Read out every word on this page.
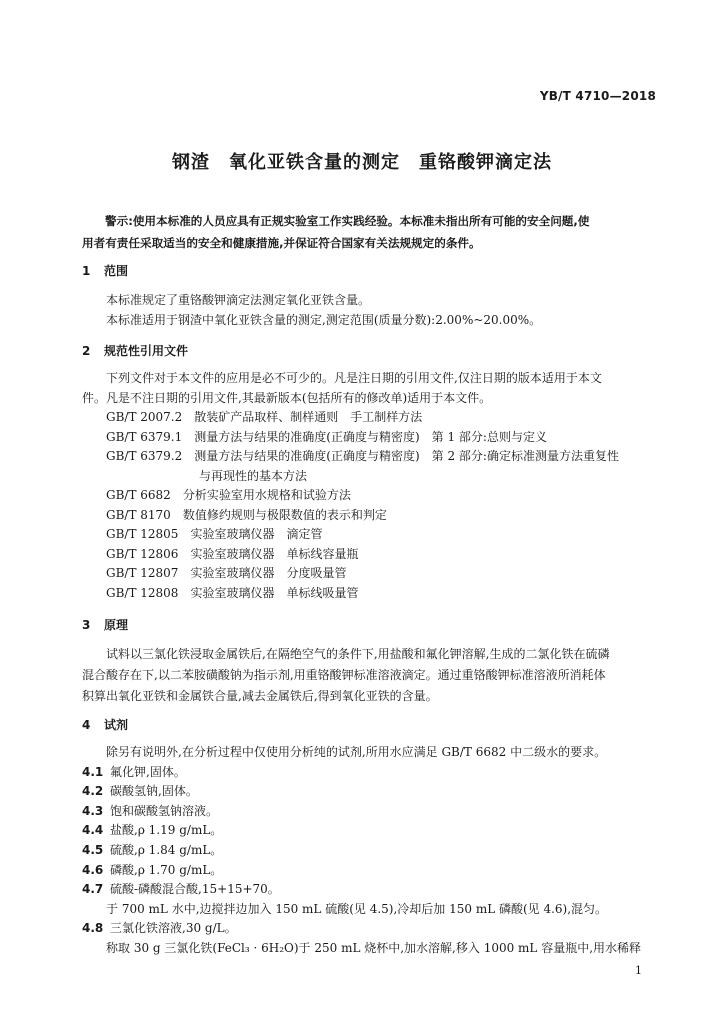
YB/T 4710—2018
钢渣　氧化亚铁含量的测定　重铬酸钾滴定法
警示:使用本标准的人员应具有正规实验室工作实践经验。本标准未指出所有可能的安全问题,使
用者有责任采取适当的安全和健康措施,并保证符合国家有关法规规定的条件。
1 范围

本标准规定了重铬酸钾滴定法测定氧化亚铁含量。

本标准适用于钢渣中氧化亚铁含量的测定,测定范围(质量分数):2.00%~20.00%。

2 规范性引用文件

下列文件对于本文件的应用是必不可少的。凡是注日期的引用文件,仅注日期的版本适用于本文

件。凡是不注日期的引用文件,其最新版本(包括所有的修改单)适用于本文件。

GB/T 2007.2　 散装矿产品取样、制样通则　手工制样方法
GB/T 6379.1　 测量方法与结果的准确度(正确度与精密度)　第 1 部分:总则与定义
GB/T 6379.2　 测量方法与结果的准确度(正确度与精密度)　第 2 部分:确定标准测量方法重复性
与再现性的基本方法
GB/T 6682　 分析实验室用水规格和试验方法
GB/T 8170　 数值修约规则与极限数值的表示和判定
GB/T 12805　 实验室玻璃仪器　滴定管
GB/T 12806　 实验室玻璃仪器　单标线容量瓶
GB/T 12807　 实验室玻璃仪器　分度吸量管
GB/T 12808　 实验室玻璃仪器　单标线吸量管
3 原理

试料以三氯化铁浸取金属铁后,在隔绝空气的条件下,用盐酸和氟化钾溶解,生成的二氯化铁在硫磷

混合酸存在下,以二苯胺磺酸钠为指示剂,用重铬酸钾标准溶液滴定。通过重铬酸钾标准溶液所消耗体

积算出氧化亚铁和金属铁合量,减去金属铁后,得到氧化亚铁的含量。

4 试剂

除另有说明外,在分析过程中仅使用分析纯的试剂,所用水应满足 GB/T 6682 中二级水的要求。

4.1 氟化钾,固体。
4.2 碳酸氢钠,固体。
4.3 饱和碳酸氢钠溶液。
4.4 盐酸,ρ 1.19 g/mL。
4.5 硫酸,ρ 1.84 g/mL。
4.6 磷酸,ρ 1.70 g/mL。
4.7 硫酸-磷酸混合酸,15+15+70。
于 700 mL 水中,边搅拌边加入 150 mL 硫酸(见 4.5),冷却后加 150 mL 磷酸(见 4.6),混匀。
4.8 三氯化铁溶液,30 g/L。
称取 30 g 三氯化铁(FeCl₃ · 6H₂O)于 250 mL 烧杯中,加水溶解,移入 1000 mL 容量瓶中,用水稀释
1
